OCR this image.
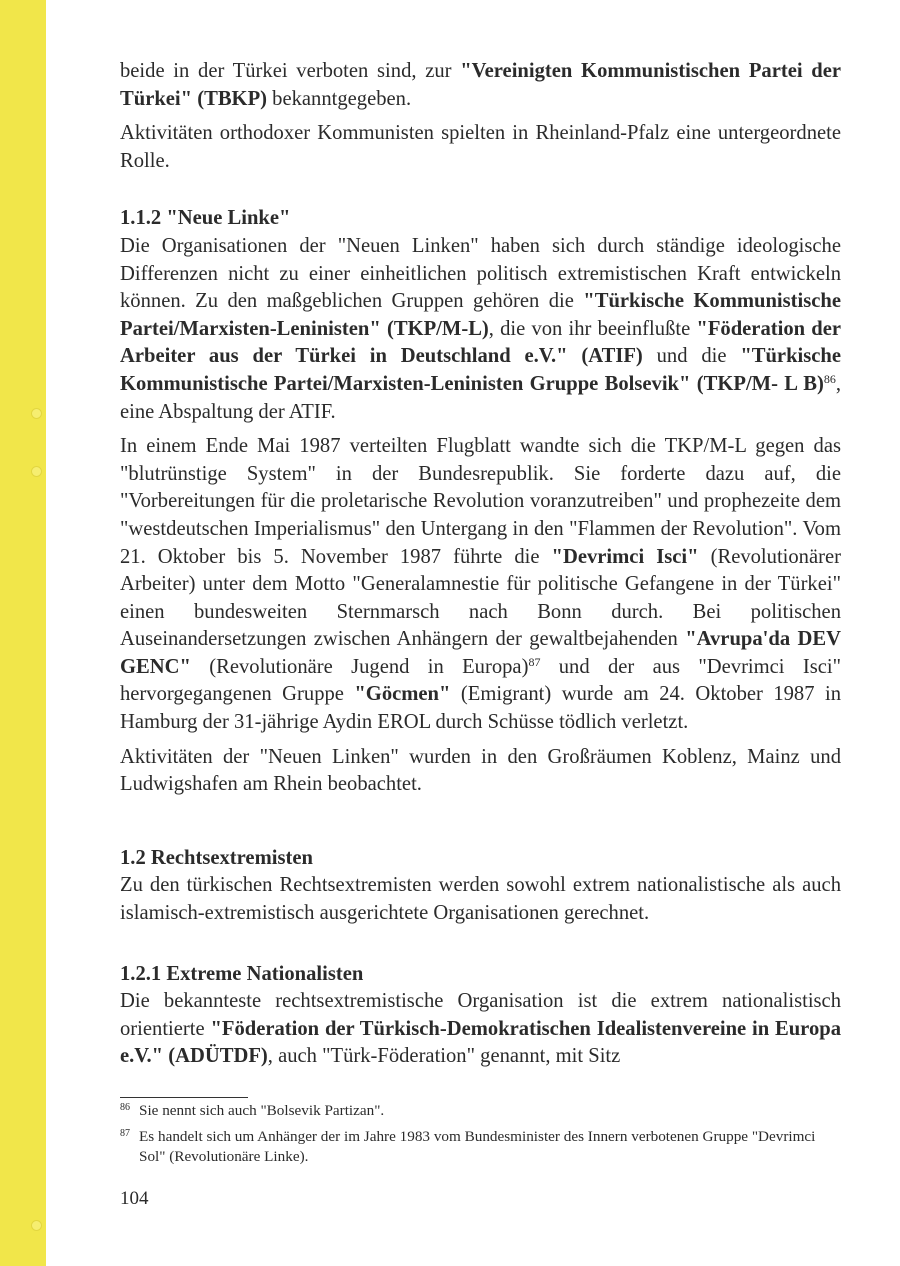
beide in der Türkei verboten sind, zur "Vereinigten Kommunistischen Partei der Türkei" (TBKP) bekanntgegeben.

Aktivitäten orthodoxer Kommunisten spielten in Rheinland-Pfalz eine untergeordnete Rolle.

1.1.2 "Neue Linke"

Die Organisationen der "Neuen Linken" haben sich durch ständige ideologische Differenzen nicht zu einer einheitlichen politisch extremistischen Kraft entwickeln können. Zu den maßgeblichen Gruppen gehören die "Türkische Kommunistische Partei/Marxisten-Leninisten" (TKP/M-L), die von ihr beeinflußte "Föderation der Arbeiter aus der Türkei in Deutschland e.V." (ATIF) und die "Türkische Kommunistische Partei/Marxisten-Leninisten Gruppe Bolsevik" (TKP/M- L B)$^{86}$, eine Abspaltung der ATIF.

In einem Ende Mai 1987 verteilten Flugblatt wandte sich die TKP/M-L gegen das "blutrünstige System" in der Bundesrepublik. Sie forderte dazu auf, die "Vorbereitungen für die proletarische Revolution voranzutreiben" und prophezeite dem "westdeutschen Imperialismus" den Untergang in den "Flammen der Revolution". Vom 21. Oktober bis 5. November 1987 führte die "Devrimci Isci" (Revolutionärer Arbeiter) unter dem Motto "Generalamnestie für politische Gefangene in der Türkei" einen bundesweiten Sternmarsch nach Bonn durch. Bei politischen Auseinandersetzungen zwischen Anhängern der gewaltbejahenden "Avrupa'da DEV GENC" (Revolutionäre Jugend in Europa)$^{87}$ und der aus "Devrimci Isci" hervorgegangenen Gruppe "Göcmen" (Emigrant) wurde am 24. Oktober 1987 in Hamburg der 31-jährige Aydin EROL durch Schüsse tödlich verletzt.

Aktivitäten der "Neuen Linken" wurden in den Großräumen Koblenz, Mainz und Ludwigshafen am Rhein beobachtet.

1.2 Rechtsextremisten

Zu den türkischen Rechtsextremisten werden sowohl extrem nationalistische als auch islamisch-extremistisch ausgerichtete Organisationen gerechnet.

1.2.1 Extreme Nationalisten

Die bekannteste rechtsextremistische Organisation ist die extrem nationalistisch orientierte "Föderation der Türkisch-Demokratischen Idealistenvereine in Europa e.V." (ADÜTDF), auch "Türk-Föderation" genannt, mit Sitz

86 Sie nennt sich auch "Bolsevik Partizan".

87 Es handelt sich um Anhänger der im Jahre 1983 vom Bundesminister des Innern verbotenen Gruppe "Devrimci Sol" (Revolutionäre Linke).

104
